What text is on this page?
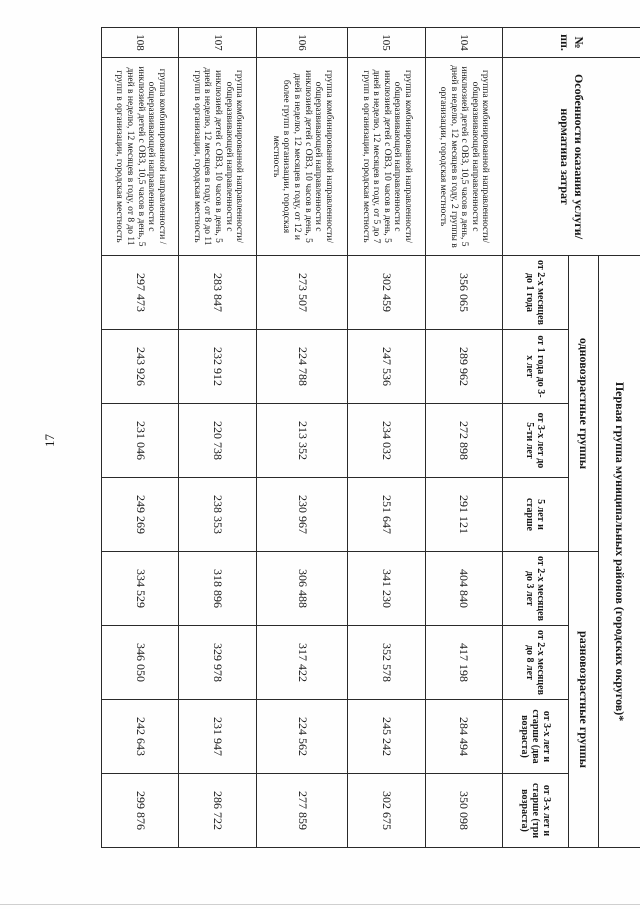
17
№ пп.	Особенности оказания услуги/норматива затрат	Первая группа муниципальных районов (городских округов)*							
		одновозрастные группы				разновозрастные группы			
		от 2-х месяцев до 1 года	от 1 года до 3-х лет	от 3-х лет до 5-ти лет	5 лет и старше	от 2-х месяцев до 3 лет	от 2-х месяцев до 8 лет	от 3-х лет и старше (два возраста)	от 3-х лет и старше (три возраста)
104	группа комбинированной направленности/ общеразвивающей направленности с инклюзией детей с ОВЗ, 10,5 часов в день, 5 дней в неделю, 12 месяцев в году, 2 группы в организации, городская местность	356 065	289 962	272 898	291 121	404 840	417 198	284 494	350 098
105	группа комбинированной направленности/ общеразвивающей направленности с инклюзией детей с ОВЗ, 10 часов в день, 5 дней в неделю, 12 месяцев в году, от 5 до 7 групп в организации, городская местность	302 459	247 536	234 032	251 647	341 230	352 578	245 242	302 675
106	группа комбинированной направленности/ общеразвивающей направленности с инклюзией детей с ОВЗ, 10 часов в день, 5 дней в неделю, 12 месяцев в году, от 12 и более групп в организации, городская местность	273 507	224 788	213 352	230 967	306 488	317 422	224 562	277 859
107	группа комбинированной направленности/ общеразвивающей направленности с инклюзией детей с ОВЗ, 10 часов в день, 5 дней в неделю, 12 месяцев в году, от 8 до 11 групп в организации, городская местность	283 847	232 912	220 738	238 353	318 896	329 978	231 947	286 722
108	группа комбинированной направленности / общеразвивающей направленности с инклюзией детей с ОВЗ, 10,5 часов в день, 5 дней в неделю, 12 месяцев в году, от 8 до 11 групп в организации, городская местность	297 473	243 926	231 046	249 269	334 529	346 050	242 643	299 876
